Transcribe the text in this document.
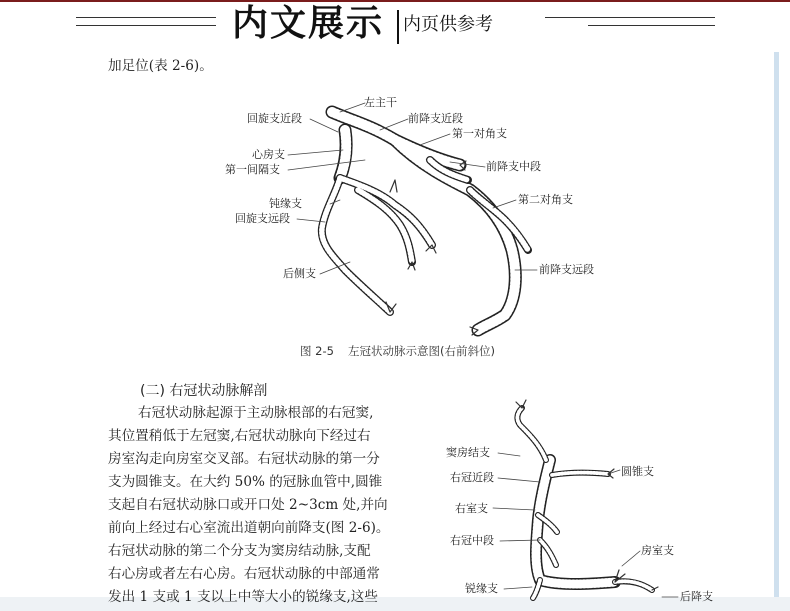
内文展示 内页供参考
加足位(表 2-6)。
左主干
回旋支近段	前降支近段
第一对角支
心房支
第一间隔支	前降支中段
钝缘支	第二对角支
回旋支远段
后侧支	前降支远段
图 2-5 左冠状动脉示意图(右前斜位)
(二) 右冠状动脉解剖
右冠状动脉起源于主动脉根部的右冠窦,
其位置稍低于左冠窦,右冠状动脉向下经过右
房室沟走向房室交叉部。右冠状动脉的第一分
支为圆锥支。在大约 50% 的冠脉血管中,圆锥
支起自右冠状动脉口或开口处 2~3cm 处,并向
前向上经过右心室流出道朝向前降支(图 2-6)。
右冠状动脉的第二个分支为窦房结动脉,支配
右心房或者左右心房。右冠状动脉的中部通常
发出 1 支或 1 支以上中等大小的锐缘支,这些
窦房结支
圆锥支
右冠近段
右室支
右冠中段
房室支
锐缘支
后降支
